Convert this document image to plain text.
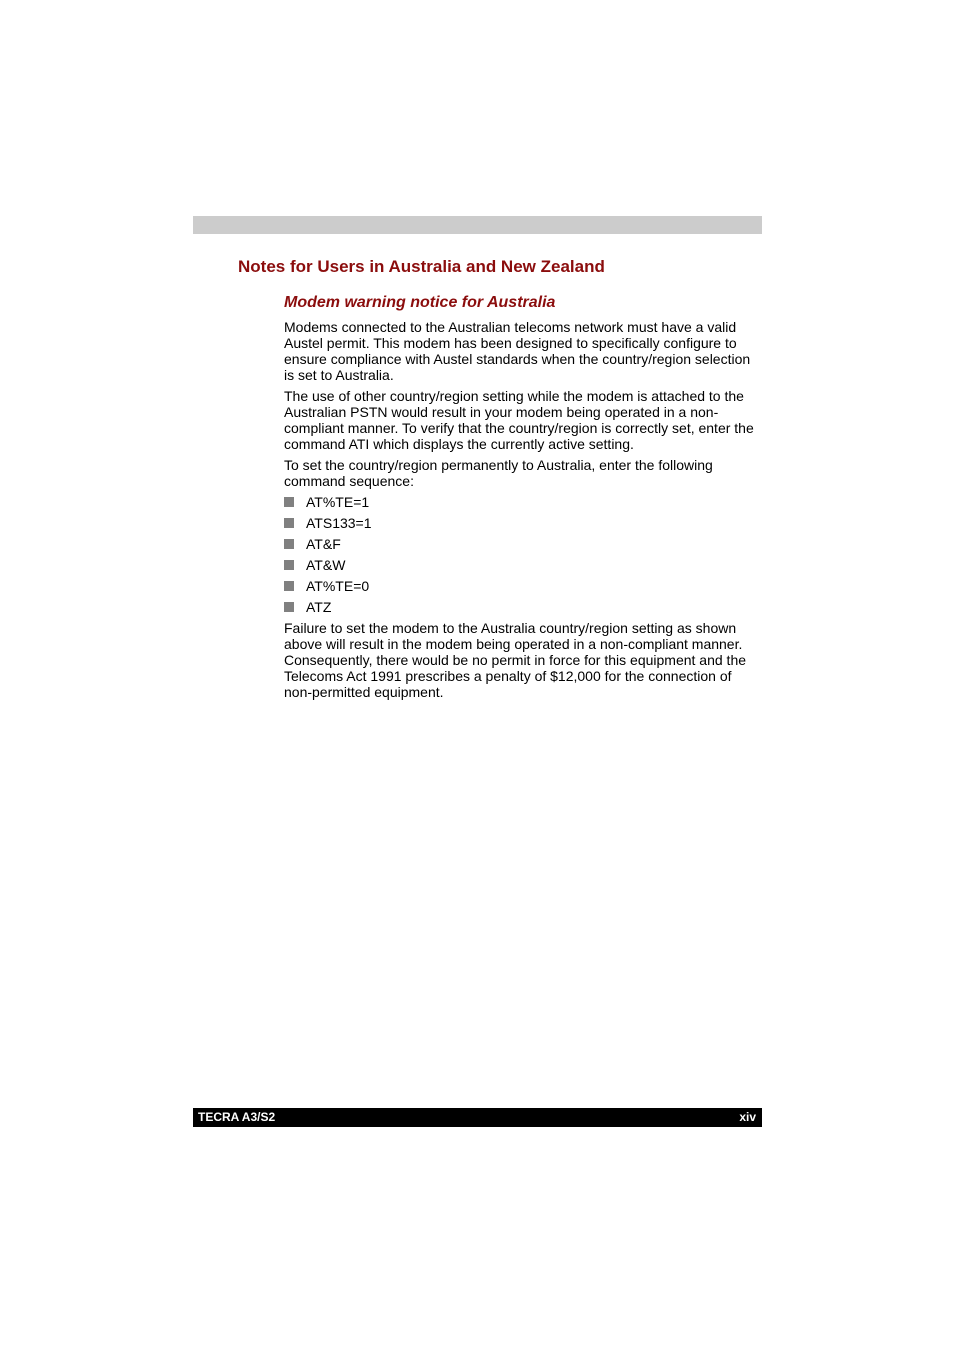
Notes for Users in Australia and New Zealand
Modem warning notice for Australia

Modems connected to the Australian telecoms network must have a valid Austel permit. This modem has been designed to specifically configure to ensure compliance with Austel standards when the country/region selection is set to Australia.

The use of other country/region setting while the modem is attached to the Australian PSTN would result in your modem being operated in a non-compliant manner. To verify that the country/region is correctly set, enter the command ATI which displays the currently active setting.

To set the country/region permanently to Australia, enter the following command sequence:

AT%TE=1
ATS133=1
AT&F
AT&W
AT%TE=0
ATZ

Failure to set the modem to the Australia country/region setting as shown above will result in the modem being operated in a non-compliant manner. Consequently, there would be no permit in force for this equipment and the Telecoms Act 1991 prescribes a penalty of $12,000 for the connection of non-permitted equipment.

TECRA A3/S2	xiv
